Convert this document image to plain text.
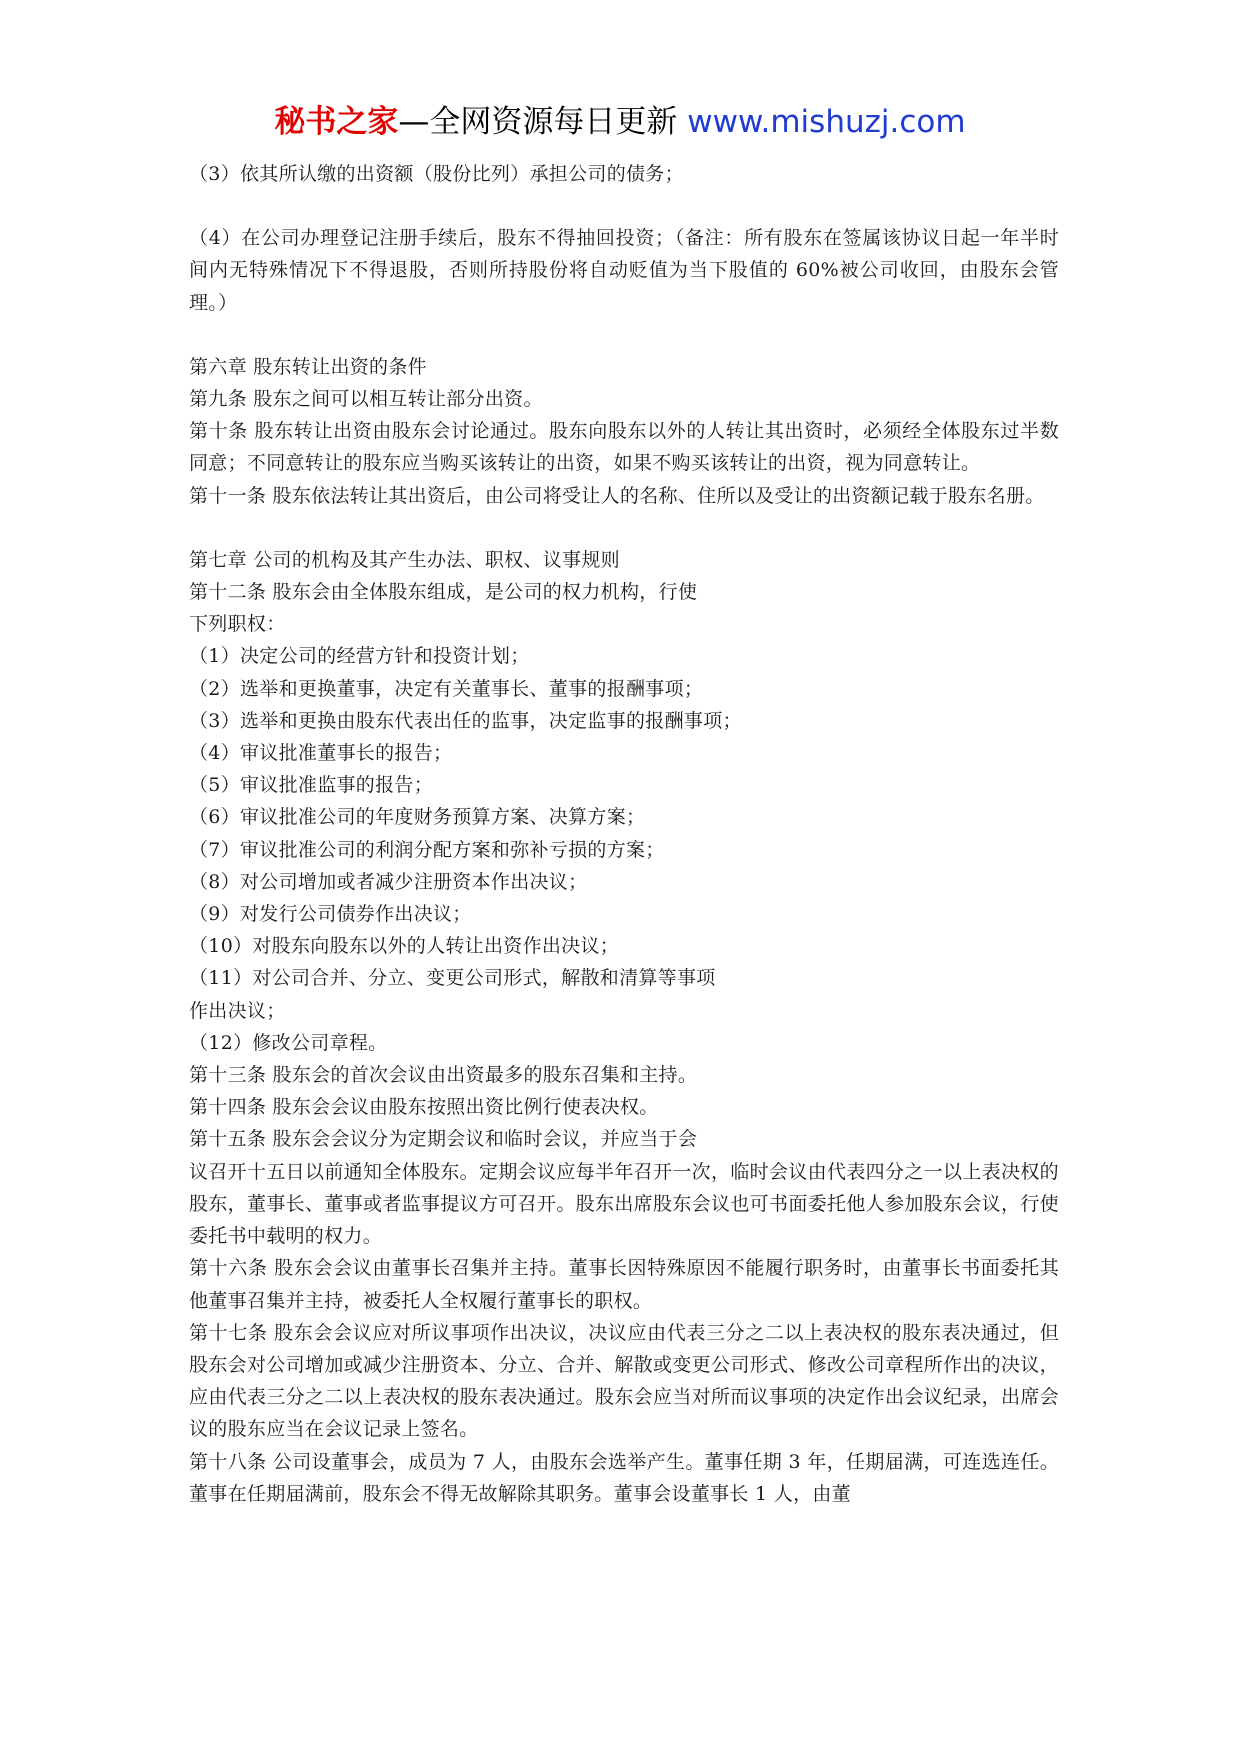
秘书之家—全网资源每日更新 www.mishuzj.com

（3）依其所认缴的出资额（股份比列）承担公司的债务；

（4）在公司办理登记注册手续后，股东不得抽回投资；（备注：所有股东在签属该协议日起一年半时间内无特殊情况下不得退股，否则所持股份将自动贬值为当下股值的 60%被公司收回，由股东会管理。）

第六章 股东转让出资的条件

第九条 股东之间可以相互转让部分出资。

第十条 股东转让出资由股东会讨论通过。股东向股东以外的人转让其出资时，必须经全体股东过半数同意；不同意转让的股东应当购买该转让的出资，如果不购买该转让的出资，视为同意转让。

第十一条 股东依法转让其出资后，由公司将受让人的名称、住所以及受让的出资额记载于股东名册。

第七章 公司的机构及其产生办法、职权、议事规则

第十二条 股东会由全体股东组成，是公司的权力机构，行使

下列职权：

（1）决定公司的经营方针和投资计划；

（2）选举和更换董事，决定有关董事长、董事的报酬事项；

（3）选举和更换由股东代表出任的监事，决定监事的报酬事项；

（4）审议批准董事长的报告；

（5）审议批准监事的报告；

（6）审议批准公司的年度财务预算方案、决算方案；

（7）审议批准公司的利润分配方案和弥补亏损的方案；

（8）对公司增加或者减少注册资本作出决议；

（9）对发行公司债券作出决议；

（10）对股东向股东以外的人转让出资作出决议；

（11）对公司合并、分立、变更公司形式，解散和清算等事项

作出决议；

（12）修改公司章程。

第十三条 股东会的首次会议由出资最多的股东召集和主持。

第十四条 股东会会议由股东按照出资比例行使表决权。

第十五条 股东会会议分为定期会议和临时会议，并应当于会

议召开十五日以前通知全体股东。定期会议应每半年召开一次，临时会议由代表四分之一以上表决权的股东，董事长、董事或者监事提议方可召开。股东出席股东会议也可书面委托他人参加股东会议，行使委托书中载明的权力。

第十六条 股东会会议由董事长召集并主持。董事长因特殊原因不能履行职务时，由董事长书面委托其他董事召集并主持，被委托人全权履行董事长的职权。

第十七条 股东会会议应对所议事项作出决议，决议应由代表三分之二以上表决权的股东表决通过，但股东会对公司增加或减少注册资本、分立、合并、解散或变更公司形式、修改公司章程所作出的决议，应由代表三分之二以上表决权的股东表决通过。股东会应当对所而议事项的决定作出会议纪录，出席会议的股东应当在会议记录上签名。

第十八条 公司设董事会，成员为 7 人，由股东会选举产生。董事任期 3 年，任期届满，可连选连任。董事在任期届满前，股东会不得无故解除其职务。董事会设董事长 1 人，由董
